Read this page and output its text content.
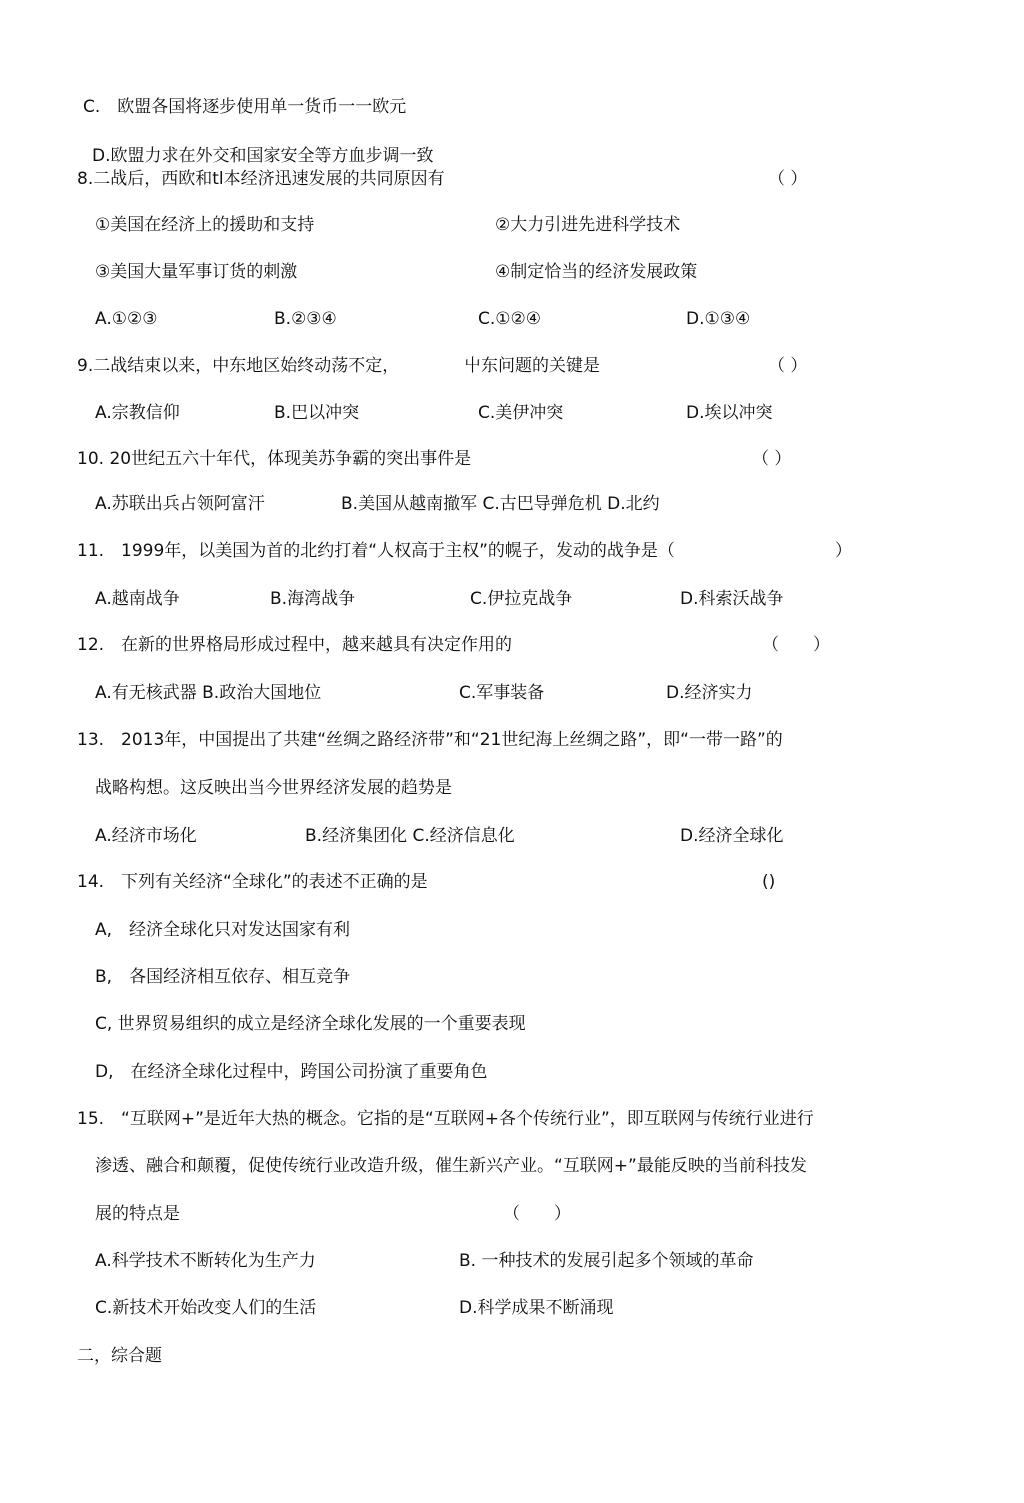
C.　欧盟各国将逐步使用单一货币一一欧元
D.欧盟力求在外交和国家安全等方血步调一致
8.二战后，西欧和tl本经济迅速发展的共同原因有	（ ）
①美国在经济上的援助和支持	②大力引进先进科学技术
③美国大量军事订货的刺激	④制定恰当的经济发展政策
A.①②③	B.②③④	C.①②④	D.①③④
9.二战结束以来，中东地区始终动荡不定，	屮东问题的关键是	（ ）
A.宗教信仰	B.巴以冲突	C.美伊冲突	D.埃以冲突
10. 20世纪五六十年代，体现美苏争霸的突出事件是	（ ）
A.苏联出兵占领阿富汗	B.美国从越南撤军 C.古巴导弹危机 D.北约
11.　1999年，以美国为首的北约打着“人权高于主权”的幌子，发动的战争是（	）
A.越南战争	B.海湾战争	C.伊拉克战争	D.科索沃战争
12.　在新的世界格局形成过程中，越来越具有决定作用的	（　　）
A.有无核武器 B.政治大国地位	C.军事装备	D.经济实力
13.　2013年，中国提出了共建“丝绸之路经济带”和“21世纪海上丝绸之路”，即“一带一路”的
战略构想。这反映出当今世界经济发展的趋势是
A.经济市场化	B.经济集团化 C.经济信息化	D.经济全球化
14.　下列有关经济“全球化”的表述不正确的是	()
A,　经济全球化只对发达国家有利
B,　各国经济相互依存、相互竞争
C, 世界贸易组织的成立是经济全球化发展的一个重要表现
D,　在经济全球化过程中，跨国公司扮演了重要角色
15.　“互联网+”是近年大热的概念。它指的是“互联网+各个传统行业”，即互联网与传统行业进行
渗透、融合和颠覆，促使传统行业改造升级，催生新兴产业。“互联网+”最能反映的当前科技发
展的特点是	（　　）
A.科学技术不断转化为生产力	B. 一种技术的发展引起多个领域的革命
C.新技术开始改变人们的生活	D.科学成果不断涌现
二，综合题
